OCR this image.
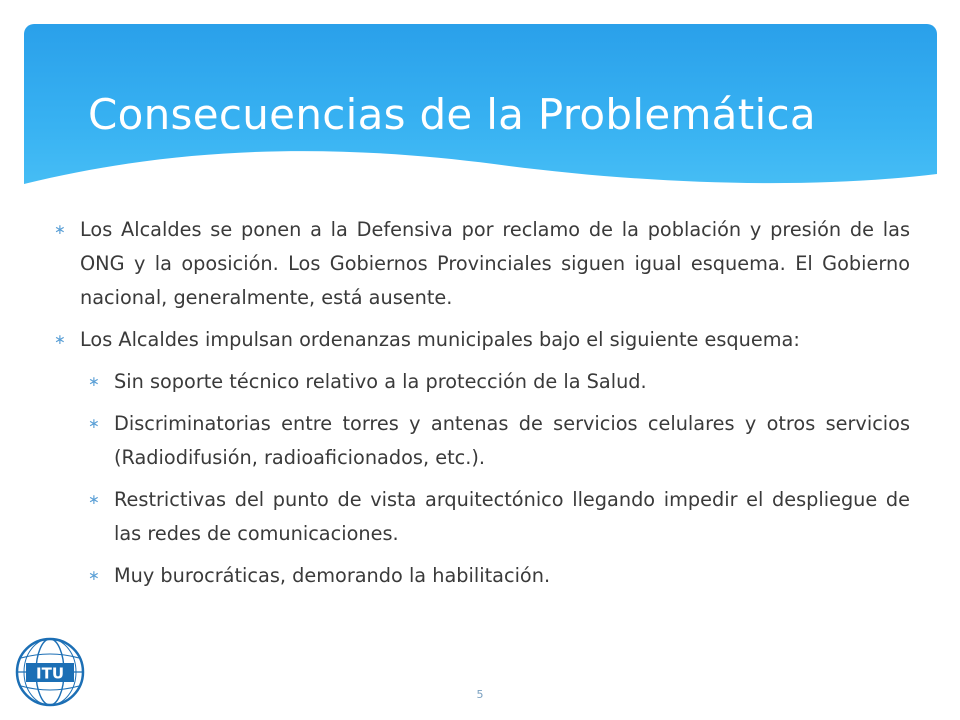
Consecuencias de la Problemática
∗ Los Alcaldes se ponen a la Defensiva por reclamo de la población y presión de las ONG y la oposición. Los Gobiernos Provinciales siguen igual esquema. El Gobierno nacional, generalmente, está ausente.
∗ Los Alcaldes impulsan ordenanzas municipales bajo el siguiente esquema:
∗ Sin soporte técnico relativo a la protección de la Salud.
∗ Discriminatorias entre torres y antenas de servicios celulares y otros servicios (Radiodifusión, radioaficionados, etc.).
∗ Restrictivas del punto de vista arquitectónico llegando impedir el despliegue de las redes de comunicaciones.
∗ Muy burocráticas, demorando la habilitación.
ITU
5
